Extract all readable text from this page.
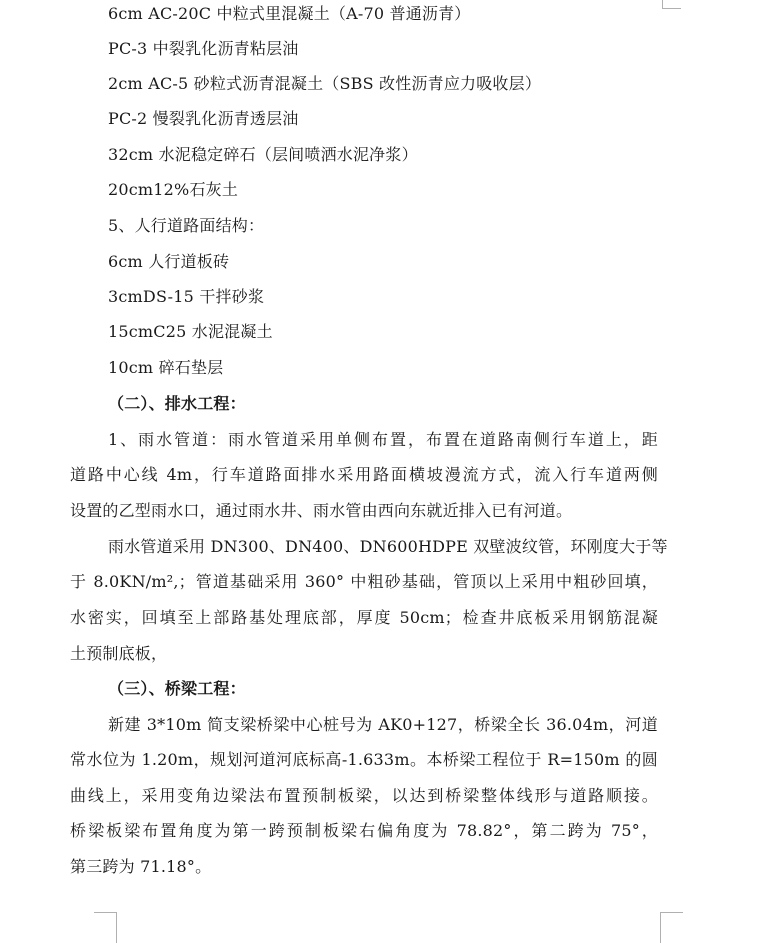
6cm AC-20C 中粒式里混凝土（A-70 普通沥青）
PC-3 中裂乳化沥青粘层油
2cm AC-5 砂粒式沥青混凝土（SBS 改性沥青应力吸收层）
PC-2 慢裂乳化沥青透层油
32cm 水泥稳定碎石（层间喷洒水泥净浆）
20cm12%石灰土
5、人行道路面结构：
6cm 人行道板砖
3cmDS-15 干拌砂浆
15cmC25 水泥混凝土
10cm 碎石垫层
（二）、排水工程：
1、雨水管道：雨水管道采用单侧布置，布置在道路南侧行车道上，距
道路中心线 4m，行车道路面排水采用路面横坡漫流方式，流入行车道两侧
设置的乙型雨水口，通过雨水井、雨水管由西向东就近排入已有河道。
雨水管道采用 DN300、DN400、DN600HDPE 双壁波纹管，环刚度大于等
于 8.0KN/m²,；管道基础采用 360° 中粗砂基础，管顶以上采用中粗砂回填，
水密实，回填至上部路基处理底部，厚度 50cm；检查井底板采用钢筋混凝
土预制底板，
（三）、桥梁工程：
新建 3*10m 简支梁桥梁中心桩号为 AK0+127，桥梁全长 36.04m，河道
常水位为 1.20m，规划河道河底标高-1.633m。本桥梁工程位于 R=150m 的圆
曲线上，采用变角边梁法布置预制板梁，以达到桥梁整体线形与道路顺接。
桥梁板梁布置角度为第一跨预制板梁右偏角度为 78.82°，第二跨为 75°，
第三跨为 71.18°。
